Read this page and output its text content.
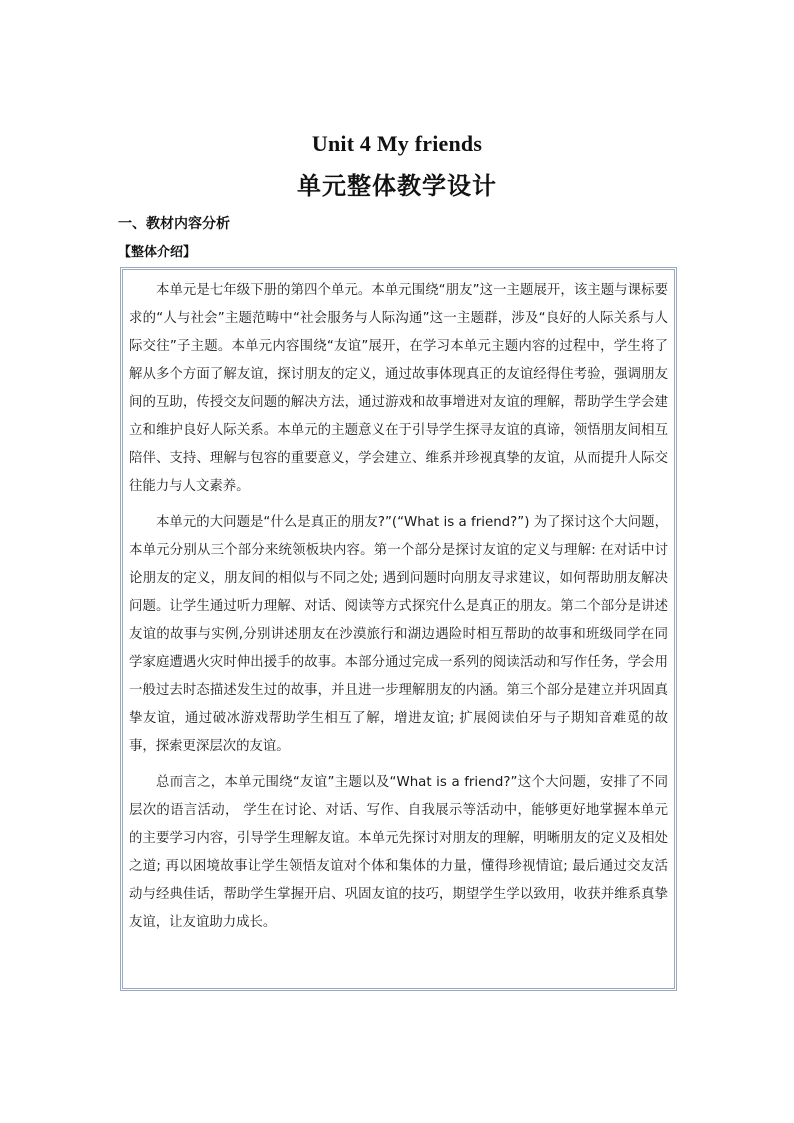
Unit 4 My friends
单元整体教学设计
一、教材内容分析
【整体介绍】

本单元是七年级下册的第四个单元。本单元围绕“朋友”这一主题展开，该主题与课标要求的“人与社会”主题范畴中“社会服务与人际沟通”这一主题群，涉及“良好的人际关系与人际交往”子主题。本单元内容围绕“友谊”展开，在学习本单元主题内容的过程中，学生将了解从多个方面了解友谊，探讨朋友的定义，通过故事体现真正的友谊经得住考验，强调朋友间的互助，传授交友问题的解决方法，通过游戏和故事增进对友谊的理解，帮助学生学会建立和维护良好人际关系。本单元的主题意义在于引导学生探寻友谊的真谛，领悟朋友间相互陪伴、支持、理解与包容的重要意义，学会建立、维系并珍视真挚的友谊，从而提升人际交往能力与人文素养。

本单元的大问题是“什么是真正的朋友?”(“What is a friend?”) 为了探讨这个大问题，本单元分别从三个部分来统领板块内容。第一个部分是探讨友谊的定义与理解: 在对话中讨论朋友的定义，朋友间的相似与不同之处; 遇到问题时向朋友寻求建议，如何帮助朋友解决问题。让学生通过听力理解、对话、阅读等方式探究什么是真正的朋友。第二个部分是讲述友谊的故事与实例,分别讲述朋友在沙漠旅行和湖边遇险时相互帮助的故事和班级同学在同学家庭遭遇火灾时伸出援手的故事。本部分通过完成一系列的阅读活动和写作任务，学会用一般过去时态描述发生过的故事，并且进一步理解朋友的内涵。第三个部分是建立并巩固真挚友谊，通过破冰游戏帮助学生相互了解，增进友谊; 扩展阅读伯牙与子期知音难觅的故事，探索更深层次的友谊。

总而言之，本单元围绕“友谊”主题以及“What is a friend?”这个大问题，安排了不同层次的语言活动， 学生在讨论、对话、写作、自我展示等活动中，能够更好地掌握本单元的主要学习内容，引导学生理解友谊。本单元先探讨对朋友的理解，明晰朋友的定义及相处之道; 再以困境故事让学生领悟友谊对个体和集体的力量，懂得珍视情谊; 最后通过交友活动与经典佳话，帮助学生掌握开启、巩固友谊的技巧，期望学生学以致用，收获并维系真挚友谊，让友谊助力成长。
